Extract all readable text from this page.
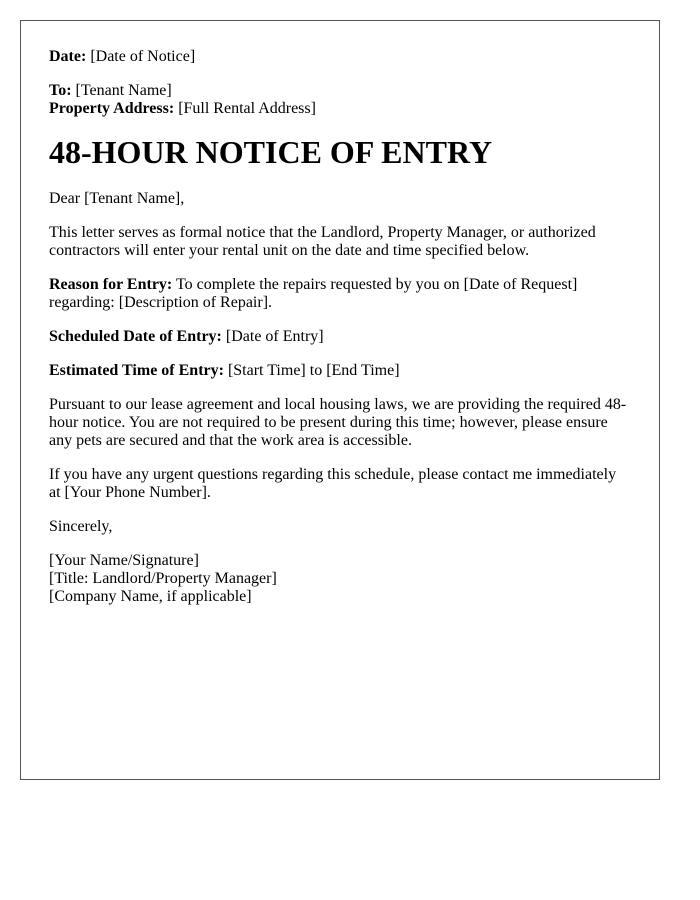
Date: [Date of Notice]
To: [Tenant Name]
Property Address: [Full Rental Address]
48-HOUR NOTICE OF ENTRY
Dear [Tenant Name],
This letter serves as formal notice that the Landlord, Property Manager, or authorized contractors will enter your rental unit on the date and time specified below.
Reason for Entry: To complete the repairs requested by you on [Date of Request] regarding: [Description of Repair].
Scheduled Date of Entry: [Date of Entry]
Estimated Time of Entry: [Start Time] to [End Time]
Pursuant to our lease agreement and local housing laws, we are providing the required 48-hour notice. You are not required to be present during this time; however, please ensure any pets are secured and that the work area is accessible.
If you have any urgent questions regarding this schedule, please contact me immediately at [Your Phone Number].
Sincerely,
[Your Name/Signature]
[Title: Landlord/Property Manager]
[Company Name, if applicable]
